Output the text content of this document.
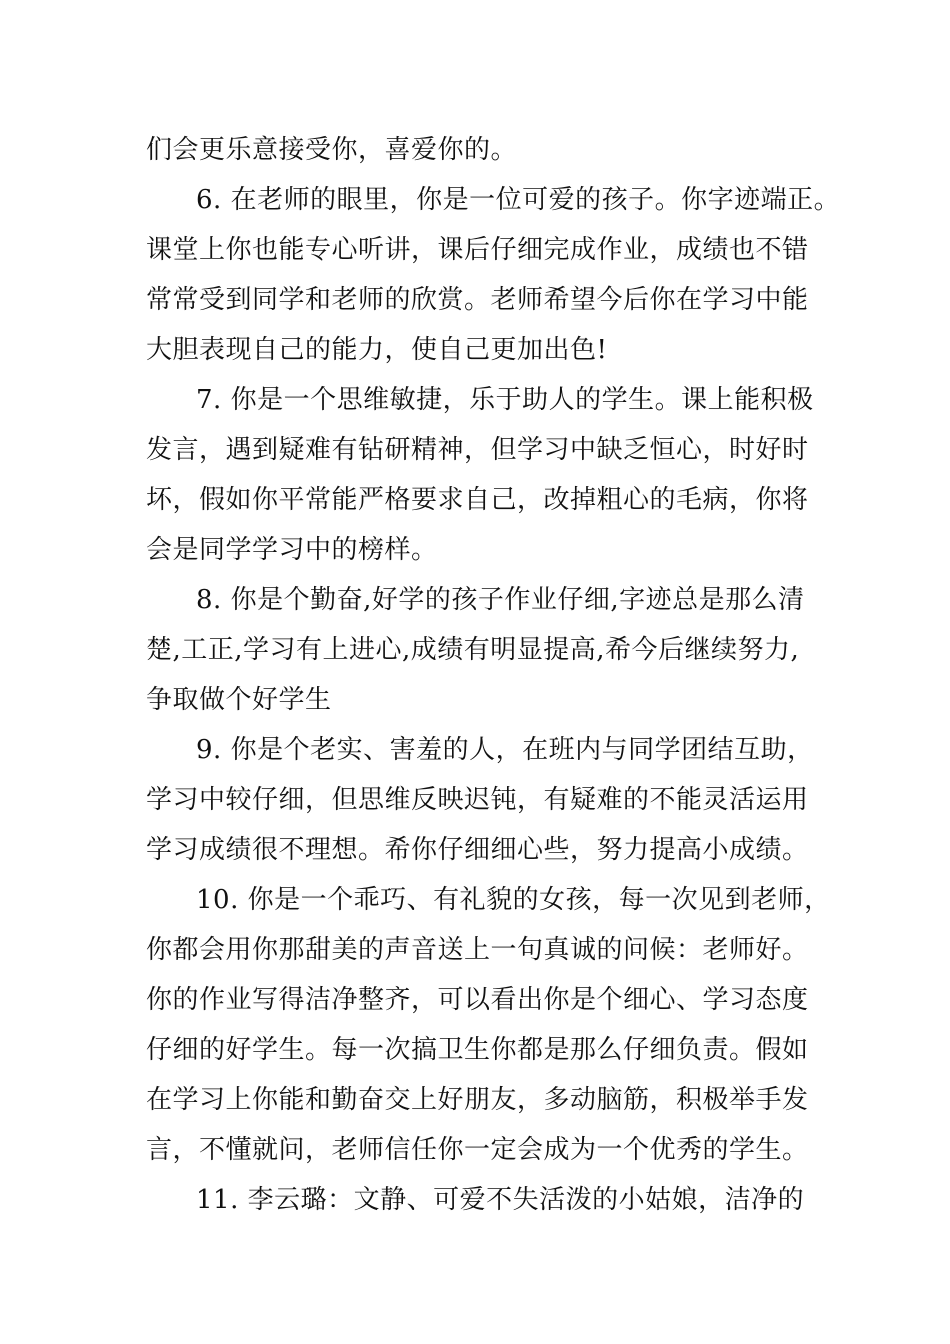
们会更乐意接受你，喜爱你的。
6. 在老师的眼里，你是一位可爱的孩子。你字迹端正。
课堂上你也能专心听讲，课后仔细完成作业，成绩也不错
常常受到同学和老师的欣赏。老师希望今后你在学习中能
大胆表现自己的能力，使自己更加出色!
7. 你是一个思维敏捷，乐于助人的学生。课上能积极
发言，遇到疑难有钻研精神，但学习中缺乏恒心，时好时
坏，假如你平常能严格要求自己，改掉粗心的毛病，你将
会是同学学习中的榜样。
8. 你是个勤奋,好学的孩子作业仔细,字迹总是那么清
楚,工正,学习有上进心,成绩有明显提高,希今后继续努力,
争取做个好学生
9. 你是个老实、害羞的人，在班内与同学团结互助，
学习中较仔细，但思维反映迟钝，有疑难的不能灵活运用
学习成绩很不理想。希你仔细细心些，努力提高小成绩。
10. 你是一个乖巧、有礼貌的女孩，每一次见到老师，
你都会用你那甜美的声音送上一句真诚的问候：老师好。
你的作业写得洁净整齐，可以看出你是个细心、学习态度
仔细的好学生。每一次搞卫生你都是那么仔细负责。假如
在学习上你能和勤奋交上好朋友，多动脑筋，积极举手发
言，不懂就问，老师信任你一定会成为一个优秀的学生。
11. 李云璐：文静、可爱不失活泼的小姑娘，洁净的
